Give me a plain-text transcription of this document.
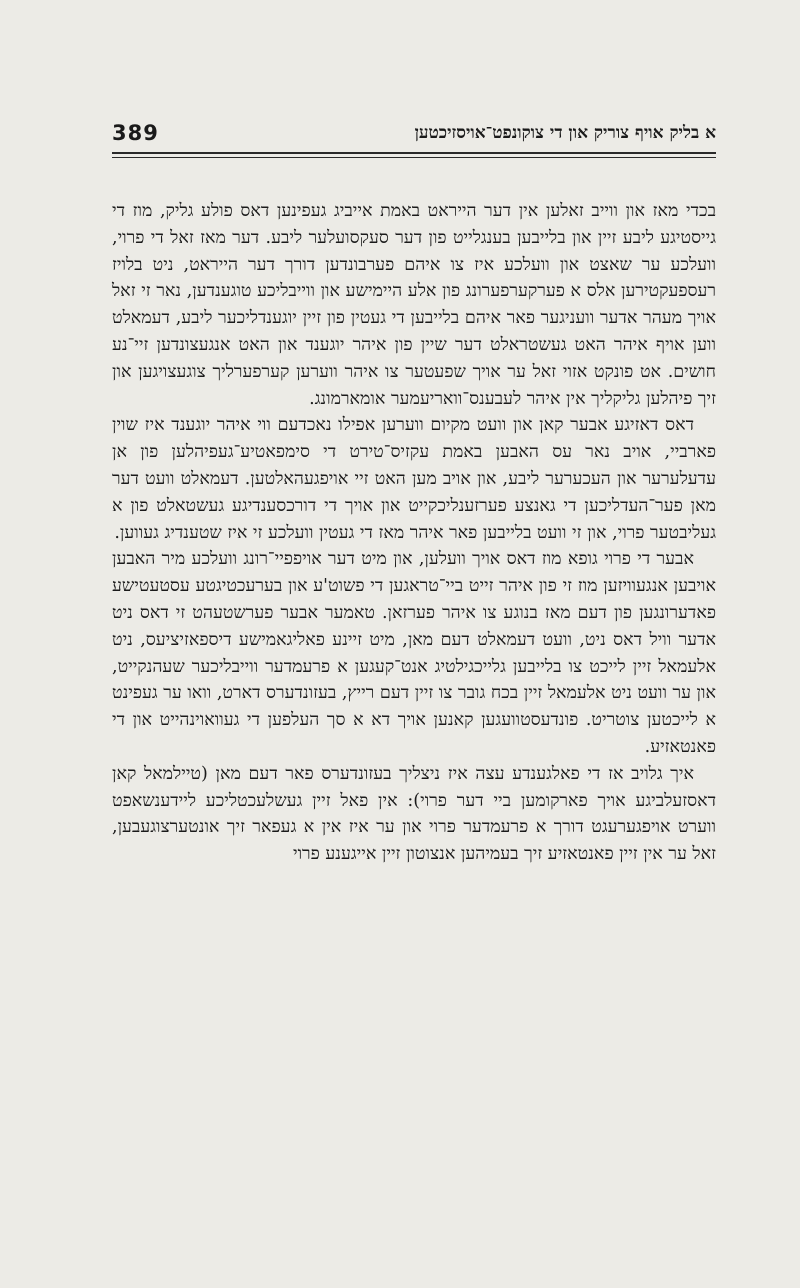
389	א בליק אויף צוריק און די צוקונפט־אויסזיכטען

בכדי מאז און ווייב זאלען אין דער הייראט באמת אייביג געפינען דאס פולע גליק, מוז די גייסטיגע ליבע זיין און בלייבען בענגלייט פון דער סעקסועלער ליבע. דער מאז זאל די פרוי, וועלכע ער שאצט און וועלכע איז צו איהם פערבונדען דורך דער הייראט, ניט בלויז רעספעקטירען אלס א פערקערפערונג פון אלע היימישע און ווייבליכע טוגענדען, נאר זי זאל אויך מעהר אדער וועניגער פאר איהם בלייבען די געטין פון זיין יוגענדליכער ליבע, דעמאלט ווען אויף איהר האט געשטראלט דער שיין פון איהר יוגענד און האט אנגעצונדען זיי־נע חושים. אט פונקט אזוי זאל ער אויך שפעטער צו איהר ווערען קערפערליך צוגעצויגען און זיך פיהלען גליקליך אין איהר לעבענס־וואריעמער אומארמונג.

דאס דאזיגע אבער קאן און וועט מקיום ווערען אפילו נאכדעם ווי איהר יוגענד איז שוין פארביי, אויב נאר עס האבען באמת עקזיס־טירט די סימפאטיע־געפיהלען פון אן עדעלערער און העכערער ליבע, און אויב מען האט זיי אויפגעהאלטען. דעמאלט וועט דער מאן פער־העדליכען די גאנצע פערזענליכקייט און אויך די דורכסענדיגע געשטאלט פון א געליבטער פרוי, און זי וועט בלייבען פאר איהר מאז די געטין וועלכע זי איז שטענדיג געווען.

אבער די פרוי גופא מוז דאס אויך וועלען, און מיט דער אויפפיי־רונג וועלכע מיר האבען אויבען אנגעוויזען מוז זי פון איהר זייט ביי־טראגען די פשוט'ע און בערעכטיגטע עסטעטישע פאדערונגען פון דעם מאז בנוגע צו איהר פערזאן. טאמער אבער פערשטעהט זי דאס ניט אדער וויל דאס ניט, וועט דעמאלט דעם מאן, מיט זיינע פאליגאמישע דיספאזיציעס, ניט אלעמאל זיין לייכט צו בלייבען גלייכגילטיג אנט־קעגען א פרעמדער ווייבליכער שעהנקייט, און ער וועט ניט אלעמאל זיין בכח גובר צו זיין דעם רייץ, בעזונדערס דארט, וואו ער געפינט א לייכטען צוטריט. פונדעסטוועגען קאנען אויך דא א סך העלפען די געוואוינהייט און די פאנטאזיע.

איך גלויב אז די פאלגענדע עצה איז ניצליך בעזונדערס פאר דעם מאן (טיילמאל קאן דאסזעלביגע אויך פארקומען ביי דער פרוי): אין פאל זיין געשלעכטליכע ליידענשאפט ווערט אויפגערעגט דורך א פרעמדער פרוי און ער איז אין א געפאר זיך אונטערצוגעבען, זאל ער אין זיין פאנטאזיע זיך בעמיהען אנצוטון זיין אייגענע פרוי
